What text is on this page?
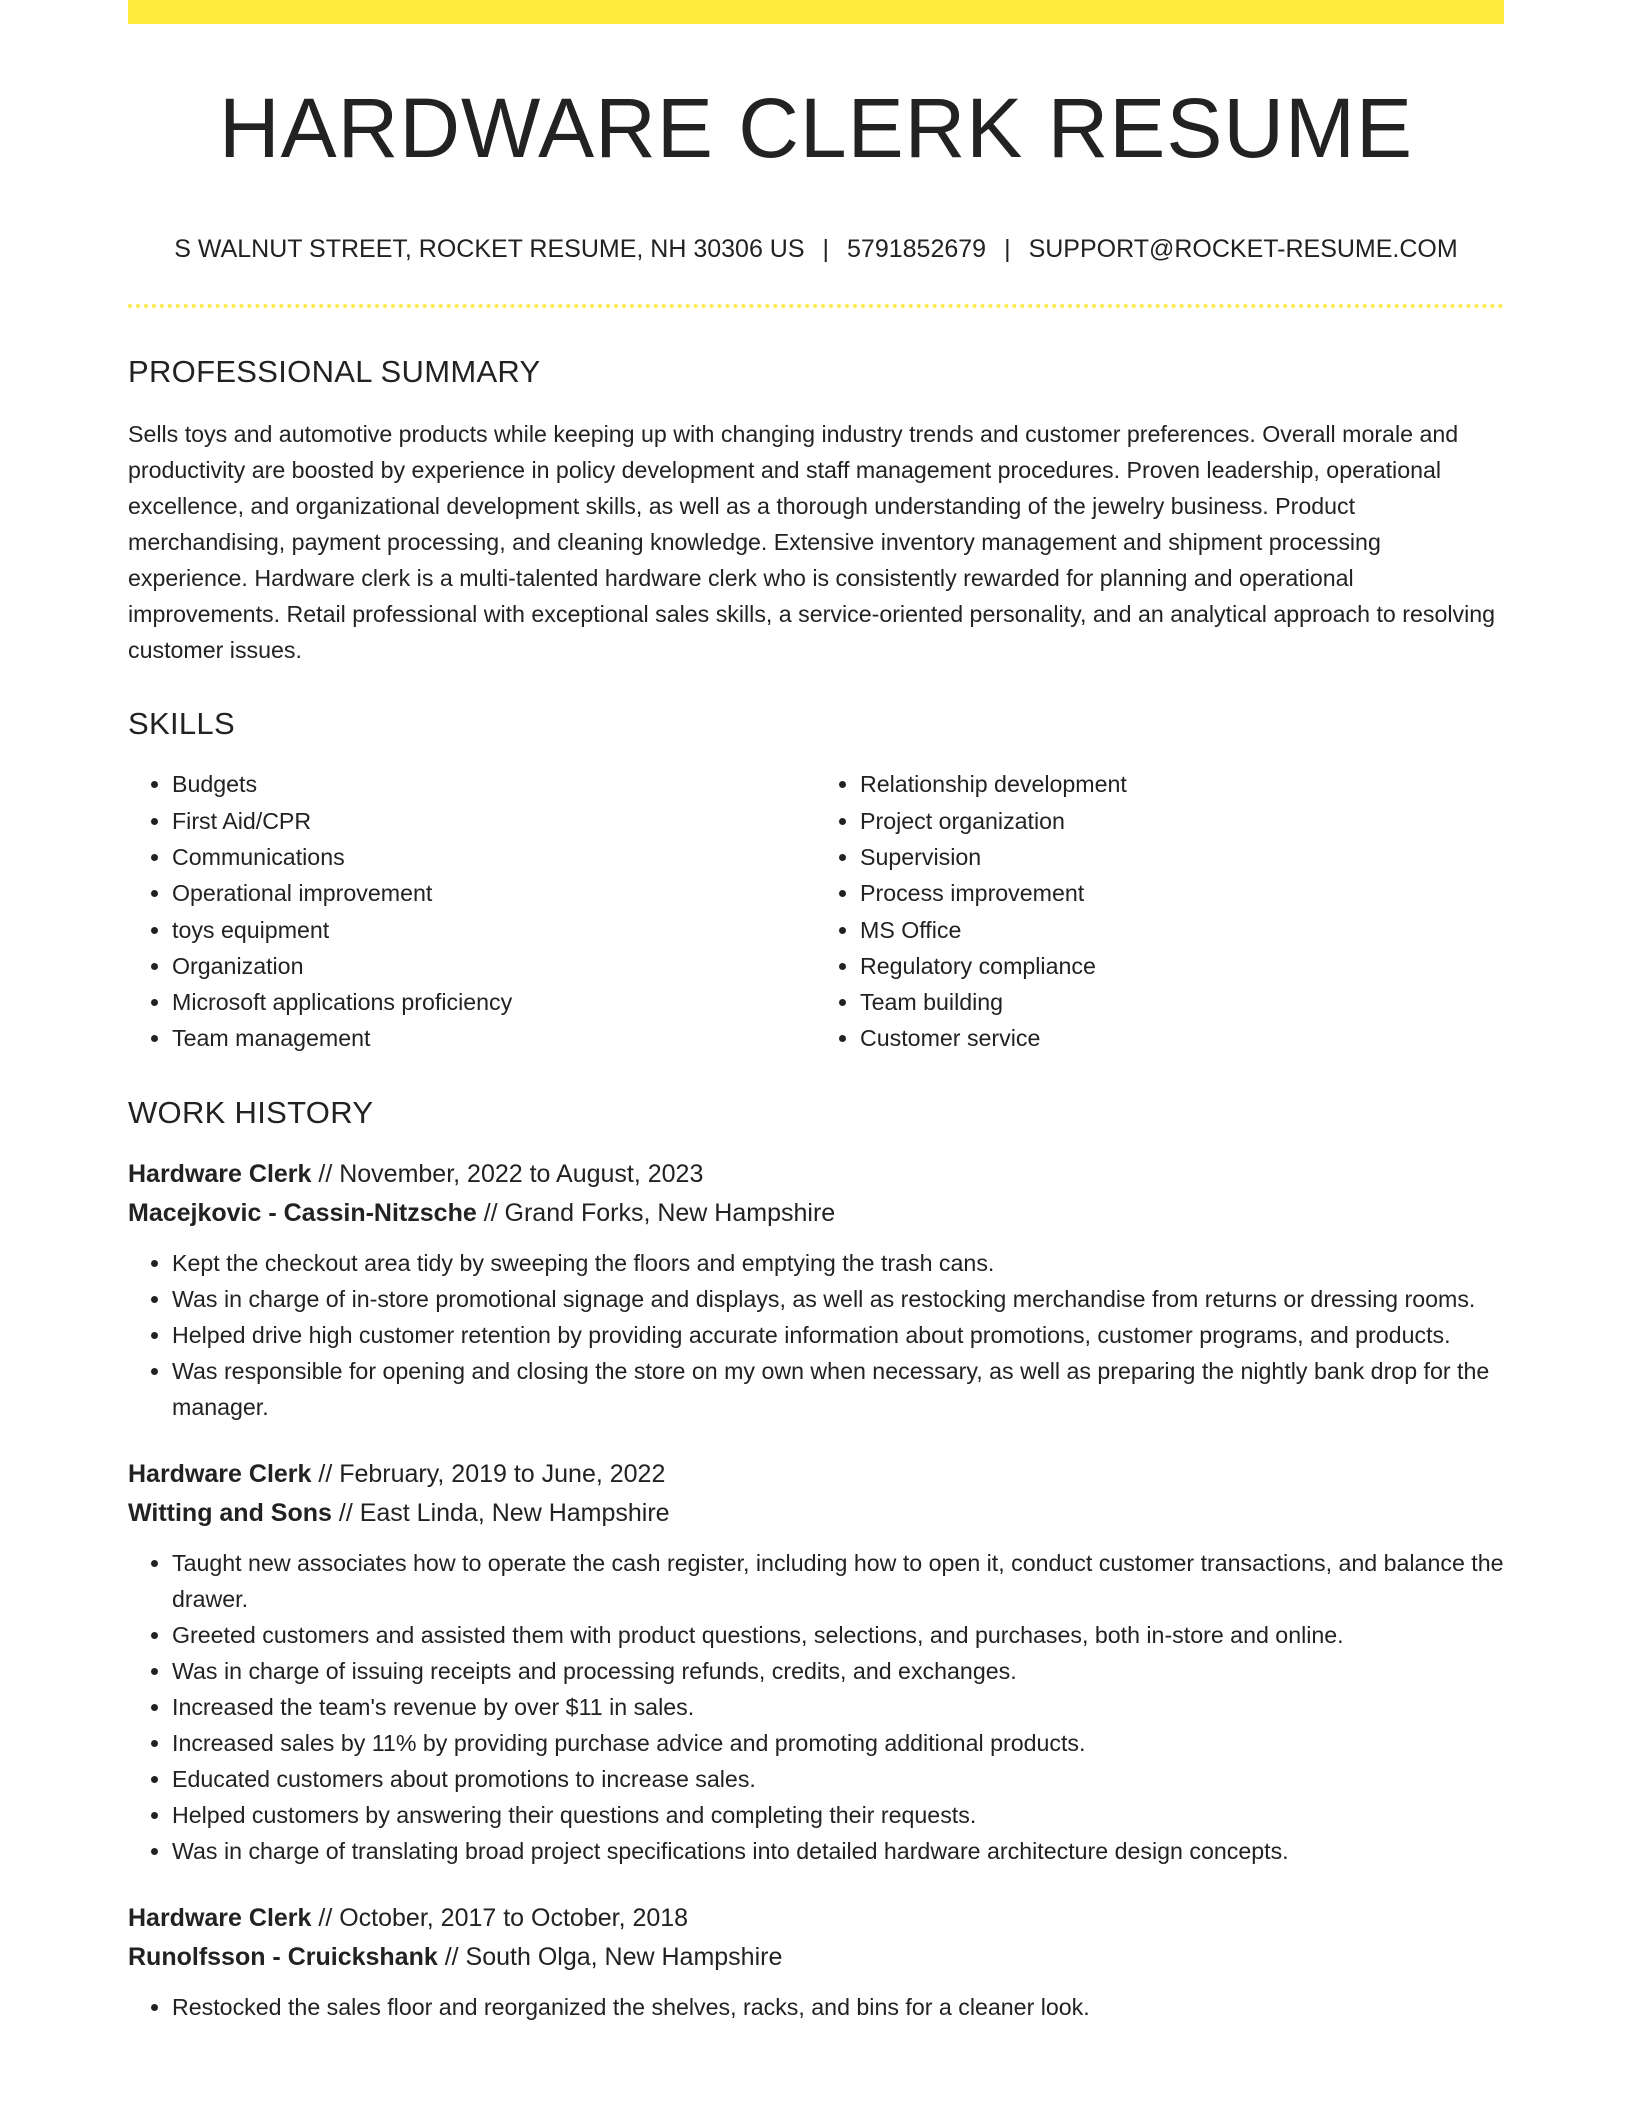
HARDWARE CLERK RESUME
S WALNUT STREET, ROCKET RESUME, NH 30306 US | 5791852679 | SUPPORT@ROCKET-RESUME.COM
PROFESSIONAL SUMMARY

Sells toys and automotive products while keeping up with changing industry trends and customer preferences. Overall morale and productivity are boosted by experience in policy development and staff management procedures. Proven leadership, operational excellence, and organizational development skills, as well as a thorough understanding of the jewelry business. Product merchandising, payment processing, and cleaning knowledge. Extensive inventory management and shipment processing experience. Hardware clerk is a multi-talented hardware clerk who is consistently rewarded for planning and operational improvements. Retail professional with exceptional sales skills, a service-oriented personality, and an analytical approach to resolving customer issues.

SKILLS
• Budgets
• First Aid/CPR
• Communications
• Operational improvement
• toys equipment
• Organization
• Microsoft applications proficiency
• Team management
• Relationship development
• Project organization
• Supervision
• Process improvement
• MS Office
• Regulatory compliance
• Team building
• Customer service
WORK HISTORY
Hardware Clerk // November, 2022 to August, 2023
Macejkovic - Cassin-Nitzsche // Grand Forks, New Hampshire
• Kept the checkout area tidy by sweeping the floors and emptying the trash cans.
• Was in charge of in-store promotional signage and displays, as well as restocking merchandise from returns or dressing rooms.
• Helped drive high customer retention by providing accurate information about promotions, customer programs, and products.
• Was responsible for opening and closing the store on my own when necessary, as well as preparing the nightly bank drop for the manager.
Hardware Clerk // February, 2019 to June, 2022
Witting and Sons // East Linda, New Hampshire
• Taught new associates how to operate the cash register, including how to open it, conduct customer transactions, and balance the drawer.
• Greeted customers and assisted them with product questions, selections, and purchases, both in-store and online.
• Was in charge of issuing receipts and processing refunds, credits, and exchanges.
• Increased the team's revenue by over $11 in sales.
• Increased sales by 11% by providing purchase advice and promoting additional products.
• Educated customers about promotions to increase sales.
• Helped customers by answering their questions and completing their requests.
• Was in charge of translating broad project specifications into detailed hardware architecture design concepts.
Hardware Clerk // October, 2017 to October, 2018
Runolfsson - Cruickshank // South Olga, New Hampshire
• Restocked the sales floor and reorganized the shelves, racks, and bins for a cleaner look.
